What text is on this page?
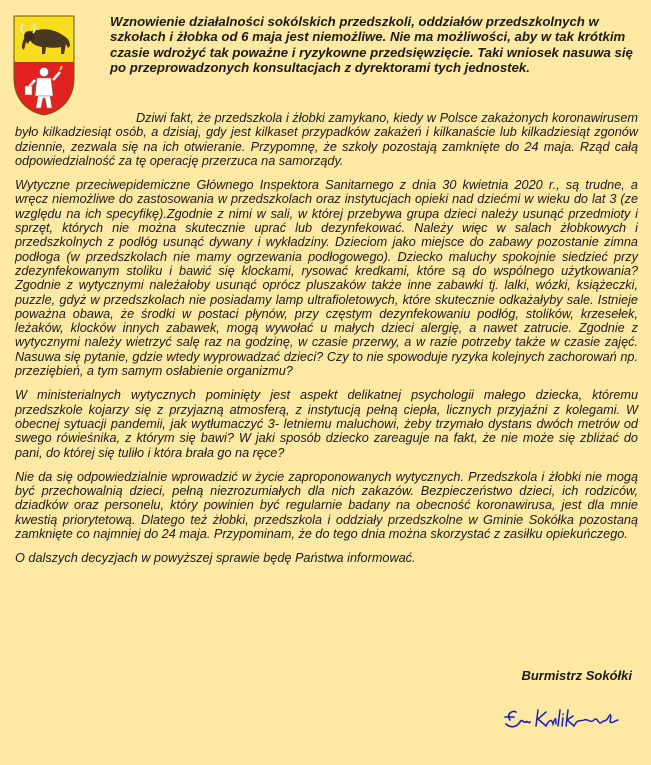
Wznowienie działalności sokólskich przedszkoli, oddziałów przedszkolnych w szkołach i żłobka od 6 maja jest niemożliwe. Nie ma możliwości, aby w tak krótkim czasie wdrożyć tak poważne i ryzykowne przedsięwzięcie. Taki wniosek nasuwa się po przeprowadzonych konsultacjach z dyrektorami tych jednostek.

Dziwi fakt, że przedszkola i żłobki zamykano, kiedy w Polsce zakażonych koronawirusem było kilkadziesiąt osób, a dzisiaj, gdy jest kilkaset przypadków zakażeń i kilkanaście lub kilkadziesiąt zgonów dziennie, zezwala się na ich otwieranie. Przypomnę, że szkoły pozostają zamknięte do 24 maja. Rząd całą odpowiedzialność za tę operację przerzuca na samorządy.

Wytyczne przeciwepidemiczne Głównego Inspektora Sanitarnego z dnia 30 kwietnia 2020 r., są trudne, a wręcz niemożliwe do zastosowania w przedszkolach oraz instytucjach opieki nad dziećmi w wieku do lat 3 (ze względu na ich specyfikę).Zgodnie z nimi w sali, w której przebywa grupa dzieci należy usunąć przedmioty i sprzęt, których nie można skutecznie uprać lub dezynfekować. Należy więc w salach żłobkowych i przedszkolnych z podłóg usunąć dywany i wykładziny. Dzieciom jako miejsce do zabawy pozostanie zimna podłoga (w przedszkolach nie mamy ogrzewania podłogowego). Dziecko maluchy spokojnie siedzieć przy zdezynfekowanym stoliku i bawić się klockami, rysować kredkami, które są do wspólnego użytkowania? Zgodnie z wytycznymi należałoby usunąć oprócz pluszaków także inne zabawki tj. lalki, wózki, książeczki, puzzle, gdyż w przedszkolach nie posiadamy lamp ultrafioletowych, które skutecznie odkażałyby sale. Istnieje poważna obawa, że środki w postaci płynów, przy częstym dezynfekowaniu podłóg, stolików, krzesełek, leżaków, klocków innych zabawek, mogą wywołać u małych dzieci alergię, a nawet zatrucie. Zgodnie z wytycznymi należy wietrzyć salę raz na godzinę, w czasie przerwy, a w razie potrzeby także w czasie zajęć. Nasuwa się pytanie, gdzie wtedy wyprowadzać dzieci? Czy to nie spowoduje ryzyka kolejnych zachorowań np. przeziębień, a tym samym osłabienie organizmu?

W ministerialnych wytycznych pominięty jest aspekt delikatnej psychologii małego dziecka, któremu przedszkole kojarzy się z przyjazną atmosferą, z instytucją pełną ciepła, licznych przyjaźni z kolegami. W obecnej sytuacji pandemii, jak wytłumaczyć 3- letniemu maluchowi, żeby trzymało dystans dwóch metrów od swego rówieśnika, z którym się bawi? W jaki sposób dziecko zareaguje na fakt, że nie może się zbliżać do pani, do której się tuliło i która brała go na ręce?

Nie da się odpowiedzialnie wprowadzić w życie zaproponowanych wytycznych. Przedszkola i żłobki nie mogą być przechowalnią dzieci, pełną niezrozumiałych dla nich zakazów. Bezpieczeństwo dzieci, ich rodziców, dziadków oraz personelu, który powinien być regularnie badany na obecność koronawirusa, jest dla mnie kwestią priorytetową. Dlatego też żłobki, przedszkola i oddziały przedszkolne w Gminie Sokółka pozostaną zamknięte co najmniej do 24 maja. Przypominam, że do tego dnia można skorzystać z zasiłku opiekuńczego.

O dalszych decyzjach w powyższej sprawie będę Państwa informować.

Burmistrz Sokółki
